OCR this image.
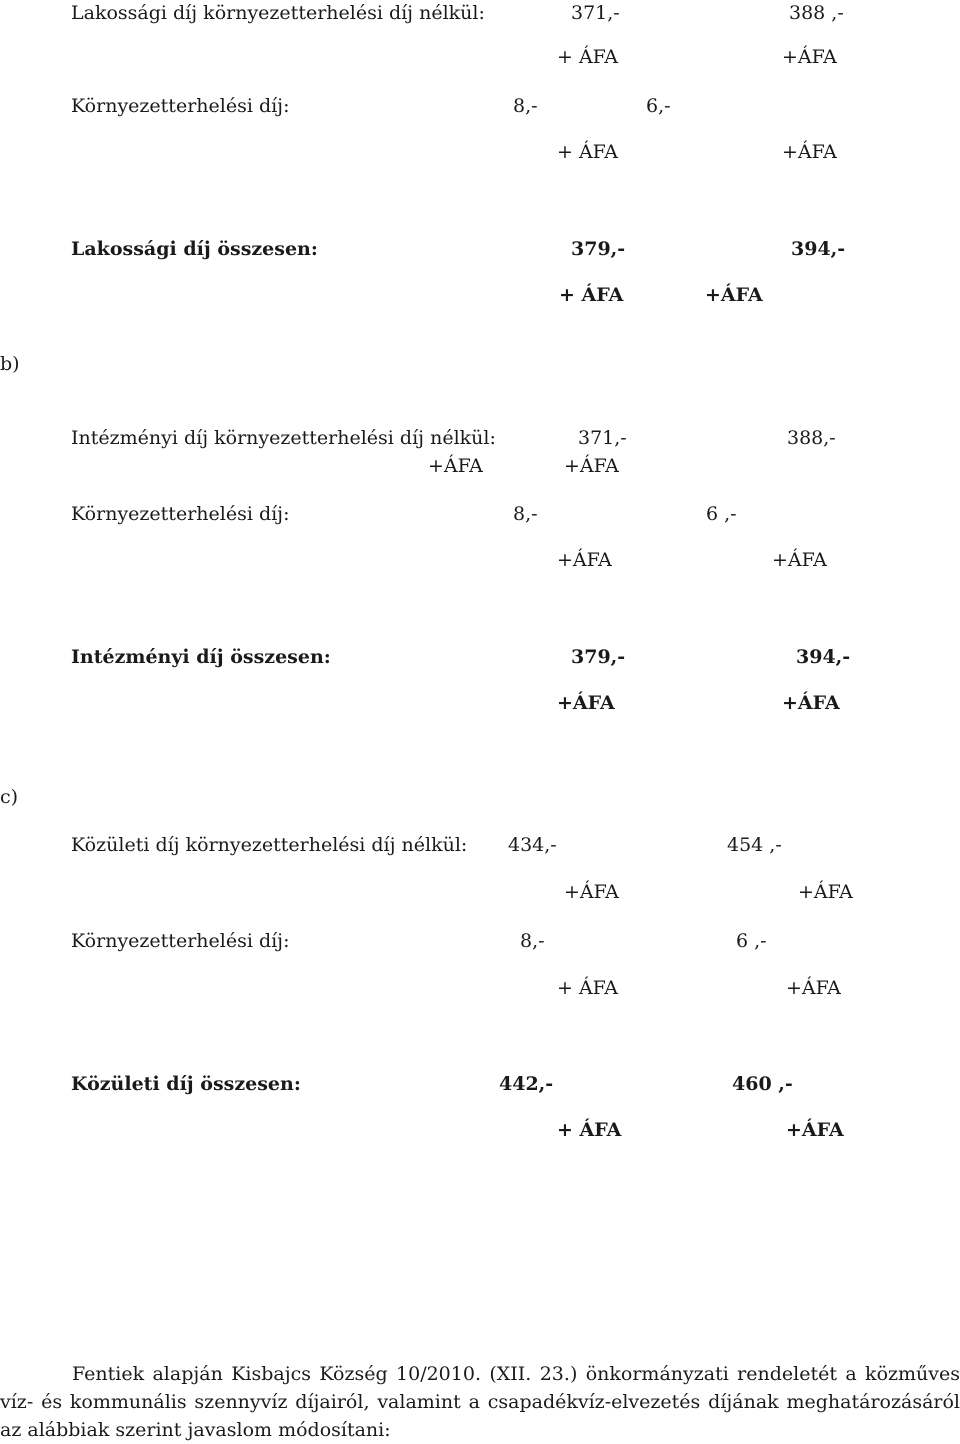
Lakossági díj környezetterhelési díj nélkül:	371,-	388 ,-
+ ÁFA	+ÁFA
Környezetterhelési díj:	8,-	6,-
+ ÁFA	+ÁFA
Lakossági díj összesen:	379,-	394,-
+ ÁFA	+ÁFA
b)
Intézményi díj környezetterhelési díj nélkül:	371,-	388,-
+ÁFA	+ÁFA
Környezetterhelési díj:	8,-	6 ,-
+ÁFA	+ÁFA
Intézményi díj összesen:	379,-	394,-
+ÁFA	+ÁFA
c)
Közületi díj környezetterhelési díj nélkül: 434,-	454 ,-
+ÁFA	+ÁFA
Környezetterhelési díj:	8,-	6 ,-
+ ÁFA	+ÁFA
Közületi díj összesen:	442,-	460 ,-
+ ÁFA	+ÁFA

Fentiek alapján Kisbajcs Község 10/2010. (XII. 23.) önkormányzati rendeletét a közműves víz- és kommunális szennyvíz díjairól, valamint a csapadékvíz-elvezetés díjának meghatározásáról az alábbiak szerint javaslom módosítani:
